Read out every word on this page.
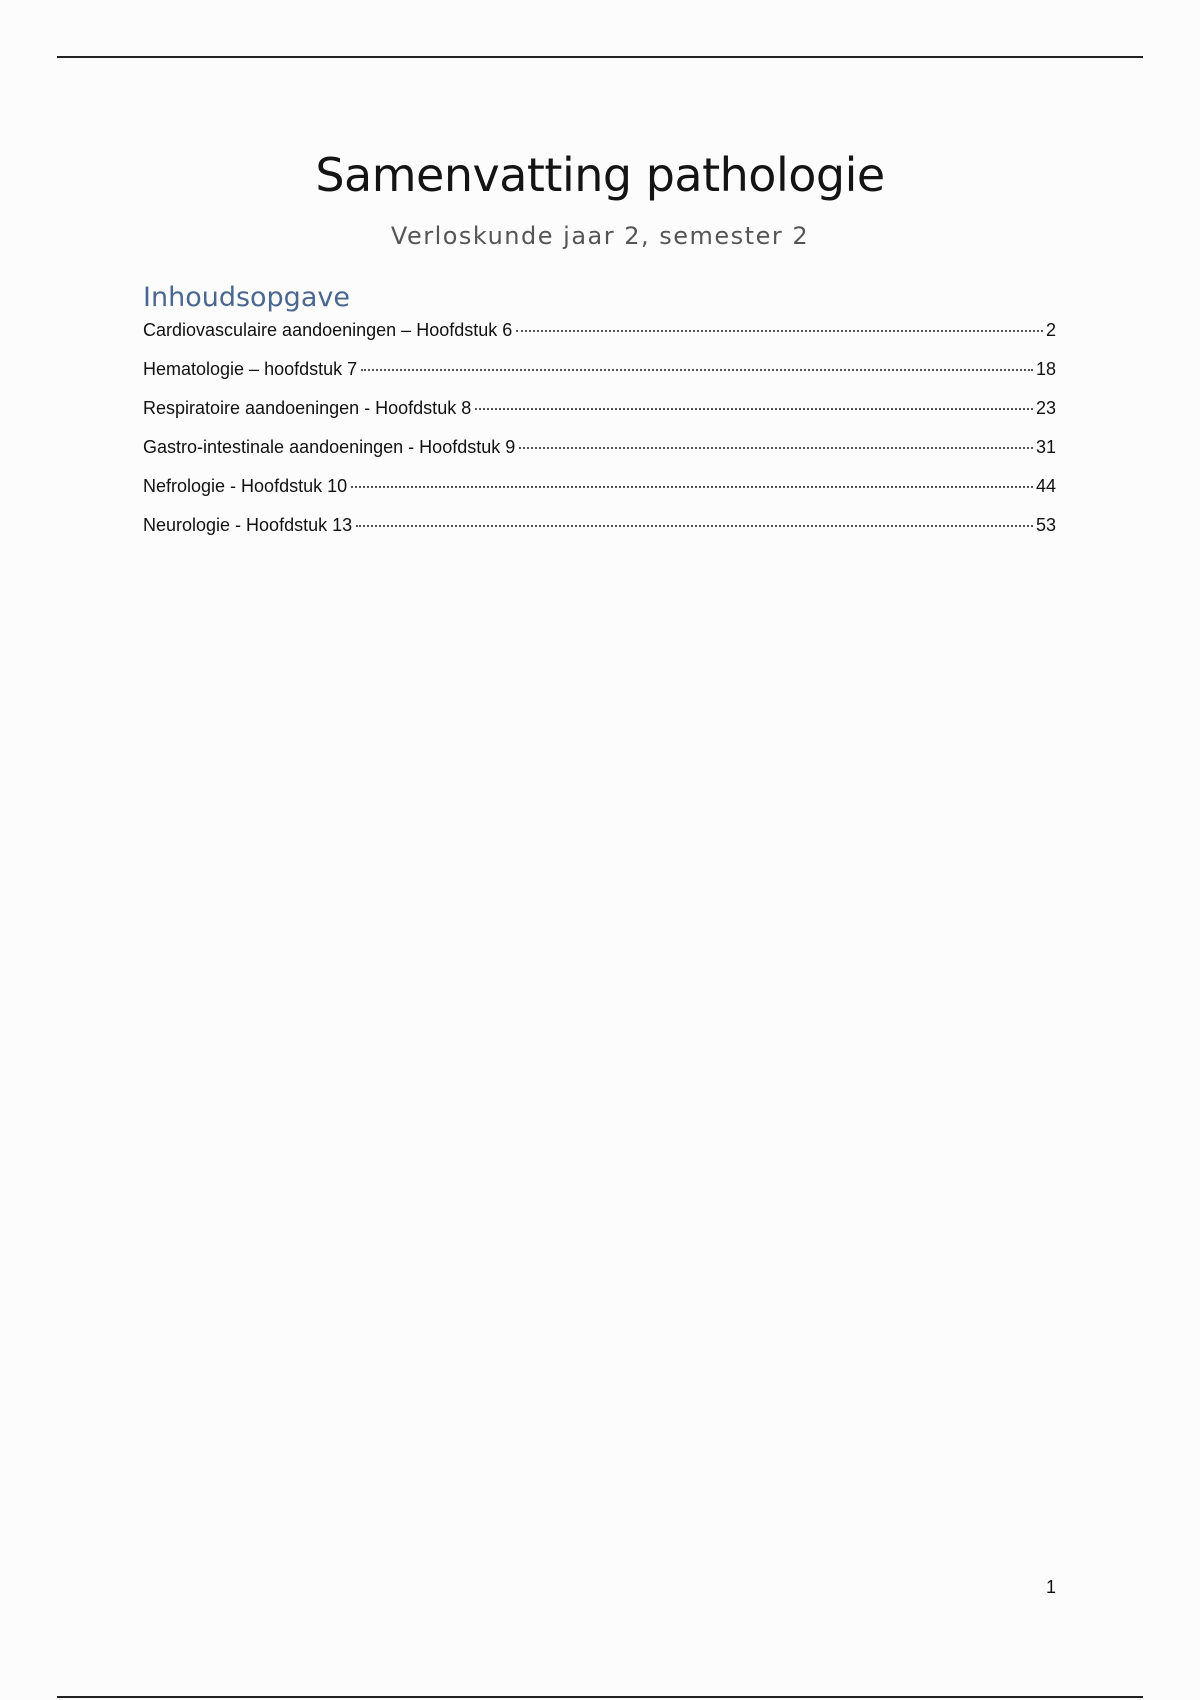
Samenvatting pathologie

Verloskunde jaar 2, semester 2

Inhoudsopgave
Cardiovasculaire aandoeningen – Hoofdstuk 6	2
Hematologie – hoofdstuk 7	18
Respiratoire aandoeningen - Hoofdstuk 8	23
Gastro-intestinale aandoeningen - Hoofdstuk 9	31
Nefrologie - Hoofdstuk 10	44
Neurologie - Hoofdstuk 13	53
1
